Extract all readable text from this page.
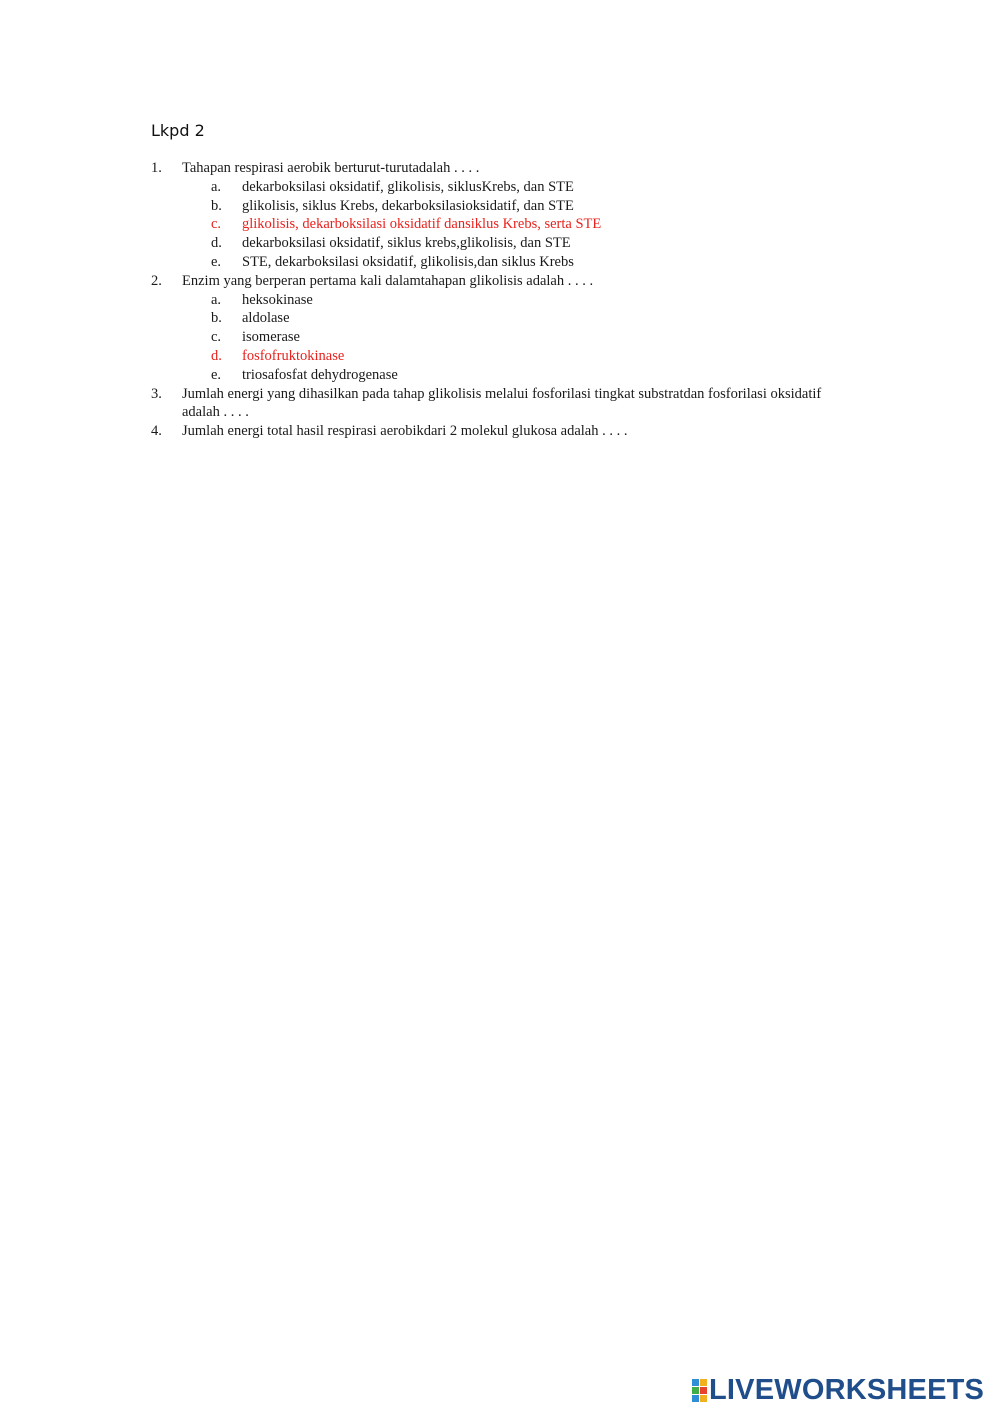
Lkpd 2
1. Tahapan respirasi aerobik berturut-turutadalah . . . .
a. dekarboksilasi oksidatif, glikolisis, siklusKrebs, dan STE
b. glikolisis, siklus Krebs, dekarboksilasioksidatif, dan STE
c. glikolisis, dekarboksilasi oksidatif dansiklus Krebs, serta STE
d. dekarboksilasi oksidatif, siklus krebs,glikolisis, dan STE
e. STE, dekarboksilasi oksidatif, glikolisis,dan siklus Krebs
2. Enzim yang berperan pertama kali dalamtahapan glikolisis adalah . . . .
a. heksokinase
b. aldolase
c. isomerase
d. fosfofruktokinase
e. triosafosfat dehydrogenase
3. Jumlah energi yang dihasilkan pada tahap glikolisis melalui fosforilasi tingkat substratdan fosforilasi oksidatif adalah . . . .
4. Jumlah energi total hasil respirasi aerobikdari 2 molekul glukosa adalah . . . .
LIVEWORKSHEETS
